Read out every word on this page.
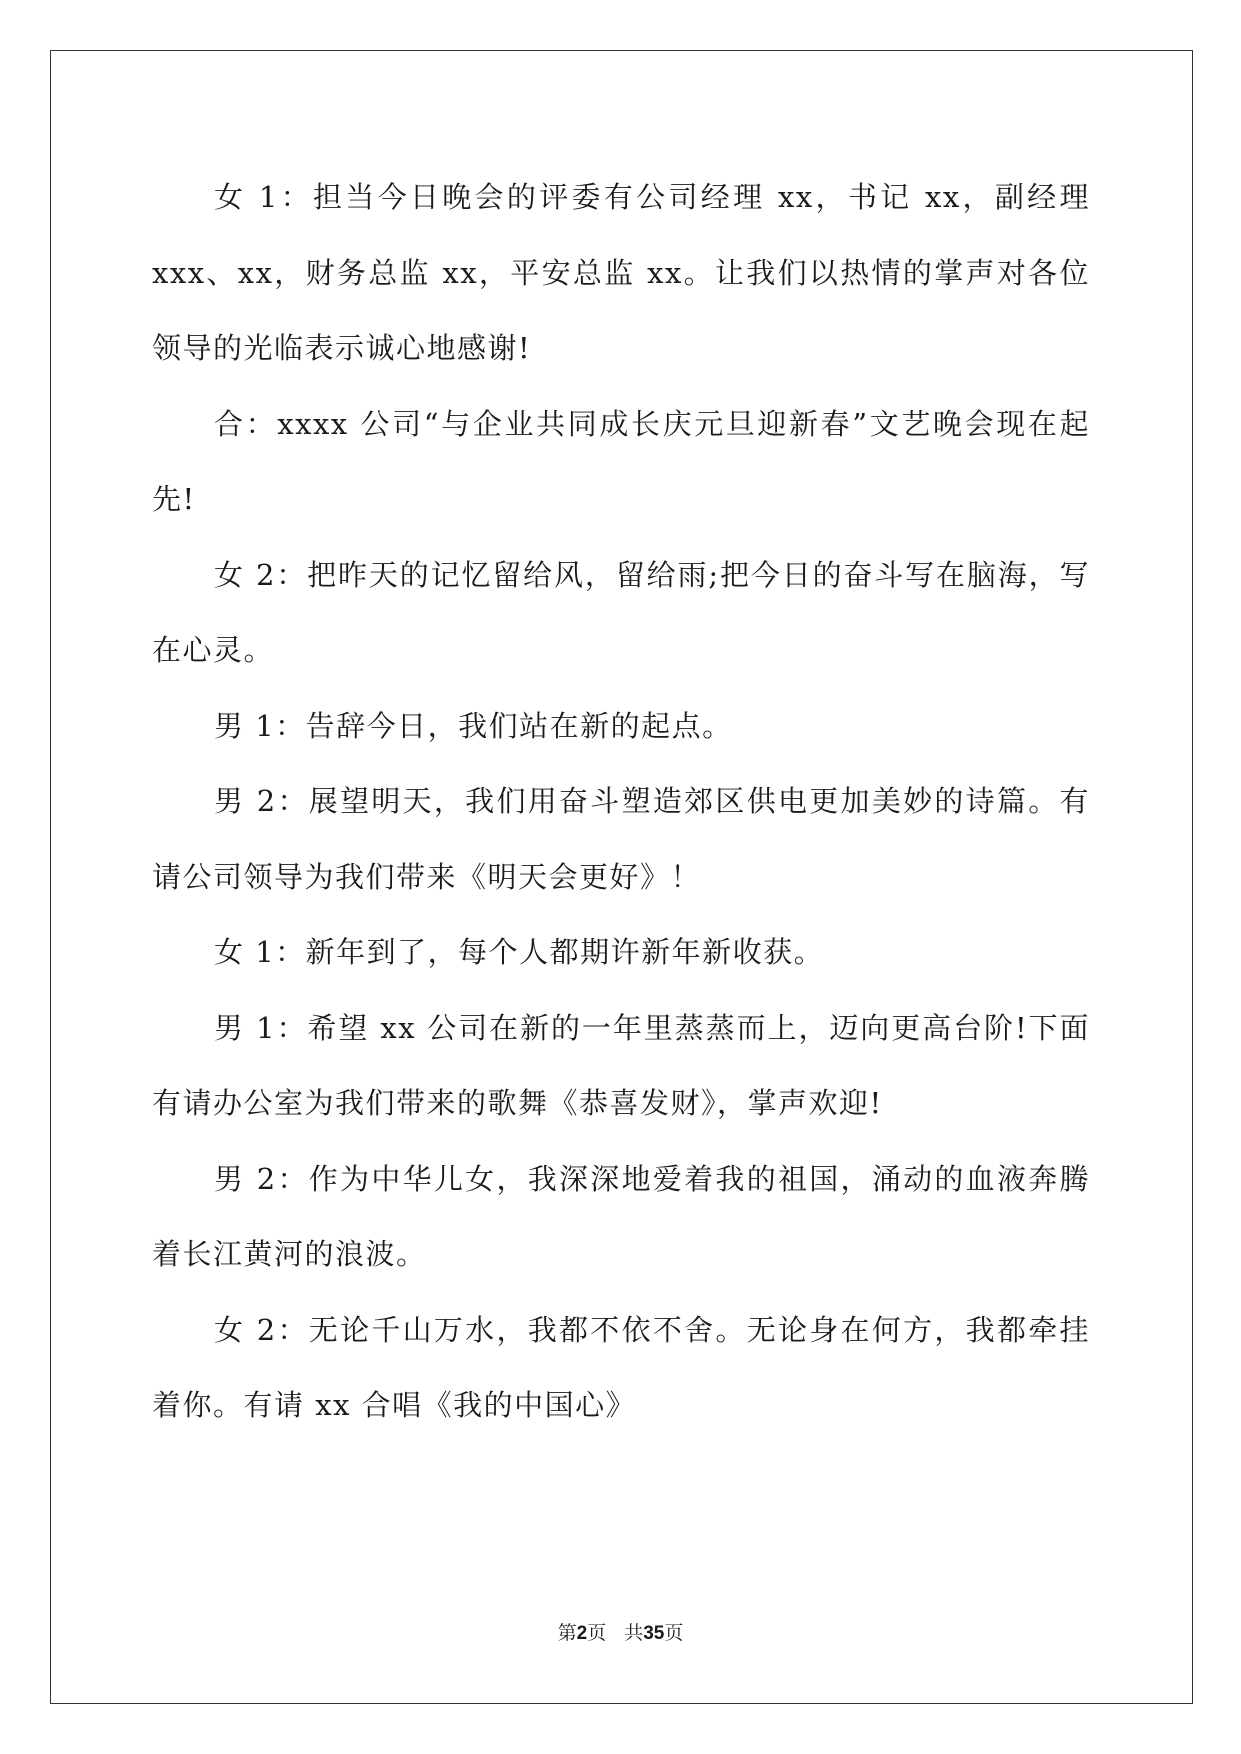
女 1：担当今日晚会的评委有公司经理 xx，书记 xx，副经理 xxx、xx，财务总监 xx，平安总监 xx。让我们以热情的掌声对各位领导的光临表示诚心地感谢!

合：xxxx 公司“与企业共同成长庆元旦迎新春”文艺晚会现在起先!

女 2：把昨天的记忆留给风，留给雨;把今日的奋斗写在脑海，写在心灵。

男 1：告辞今日，我们站在新的起点。

男 2：展望明天，我们用奋斗塑造郊区供电更加美妙的诗篇。有请公司领导为我们带来《明天会更好》！

女 1：新年到了，每个人都期许新年新收获。

男 1：希望 xx 公司在新的一年里蒸蒸而上，迈向更高台阶!下面有请办公室为我们带来的歌舞《恭喜发财》，掌声欢迎!

男 2：作为中华儿女，我深深地爱着我的祖国，涌动的血液奔腾着长江黄河的浪波。

女 2：无论千山万水，我都不依不舍。无论身在何方，我都牵挂着你。有请 xx 合唱《我的中国心》

第2页 共35页
